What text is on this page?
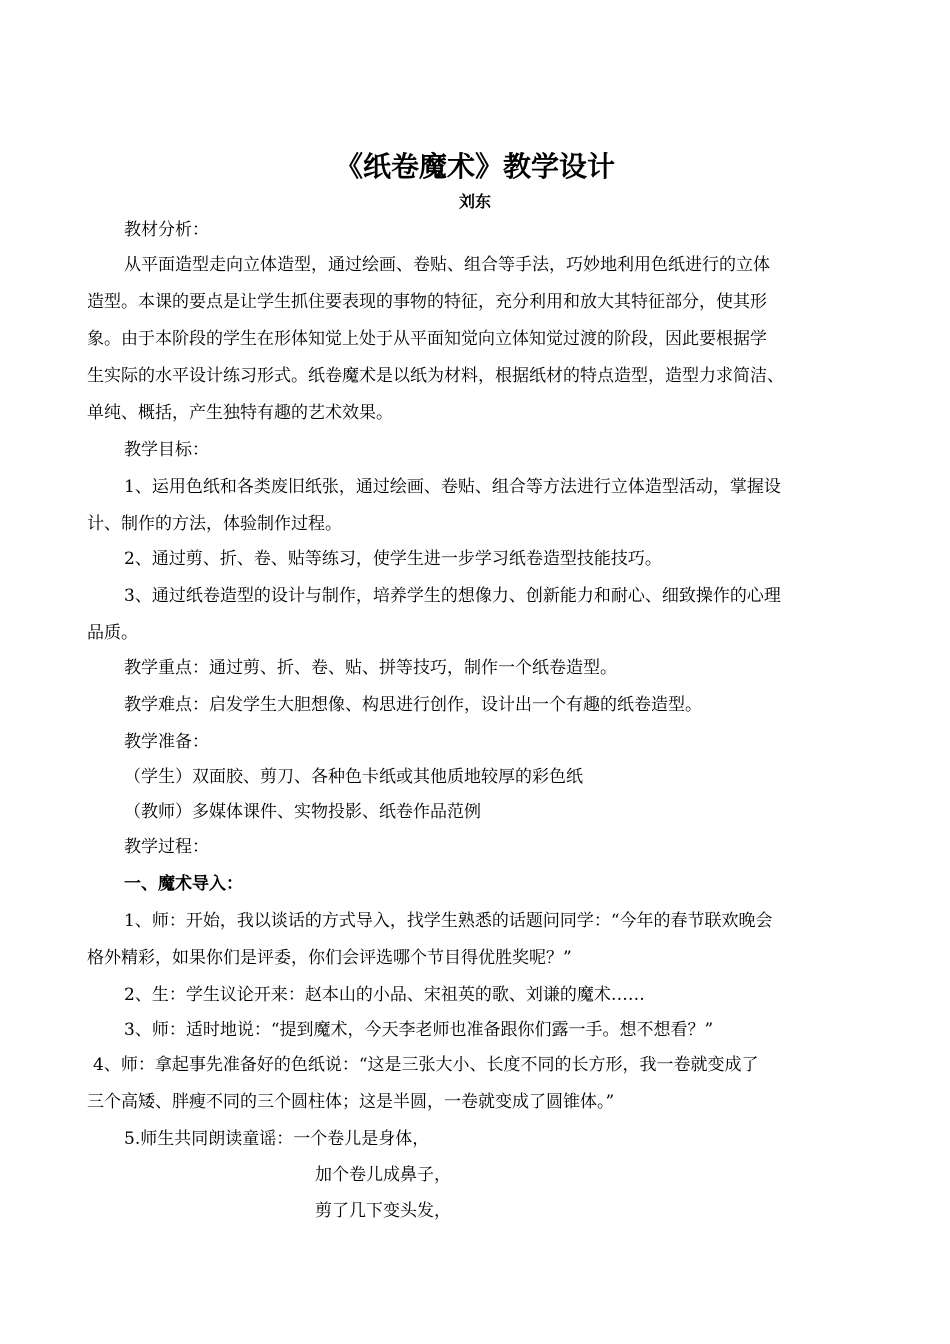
《纸卷魔术》教学设计
刘东
教材分析：
从平面造型走向立体造型，通过绘画、卷贴、组合等手法，巧妙地利用色纸进行的立体
造型。本课的要点是让学生抓住要表现的事物的特征，充分利用和放大其特征部分，使其形
象。由于本阶段的学生在形体知觉上处于从平面知觉向立体知觉过渡的阶段，因此要根据学
生实际的水平设计练习形式。纸卷魔术是以纸为材料，根据纸材的特点造型，造型力求简洁、
单纯、概括，产生独特有趣的艺术效果。
教学目标：
1、运用色纸和各类废旧纸张，通过绘画、卷贴、组合等方法进行立体造型活动，掌握设
计、制作的方法，体验制作过程。
2、通过剪、折、卷、贴等练习，使学生进一步学习纸卷造型技能技巧。
3、通过纸卷造型的设计与制作，培养学生的想像力、创新能力和耐心、细致操作的心理
品质。
教学重点：通过剪、折、卷、贴、拼等技巧，制作一个纸卷造型。
教学难点：启发学生大胆想像、构思进行创作，设计出一个有趣的纸卷造型。
教学准备：
（学生）双面胶、剪刀、各种色卡纸或其他质地较厚的彩色纸
（教师）多媒体课件、实物投影、纸卷作品范例
教学过程：
一、魔术导入：
1、师：开始，我以谈话的方式导入，找学生熟悉的话题问同学：“今年的春节联欢晚会
格外精彩，如果你们是评委，你们会评选哪个节目得优胜奖呢？”
2、生：学生议论开来：赵本山的小品、宋祖英的歌、刘谦的魔术……
3、师：适时地说：“提到魔术，今天李老师也准备跟你们露一手。想不想看？”
4、师：拿起事先准备好的色纸说：“这是三张大小、长度不同的长方形，我一卷就变成了
三个高矮、胖瘦不同的三个圆柱体；这是半圆，一卷就变成了圆锥体。”
5.师生共同朗读童谣：一个卷儿是身体，
加个卷儿成鼻子，
剪了几下变头发，
